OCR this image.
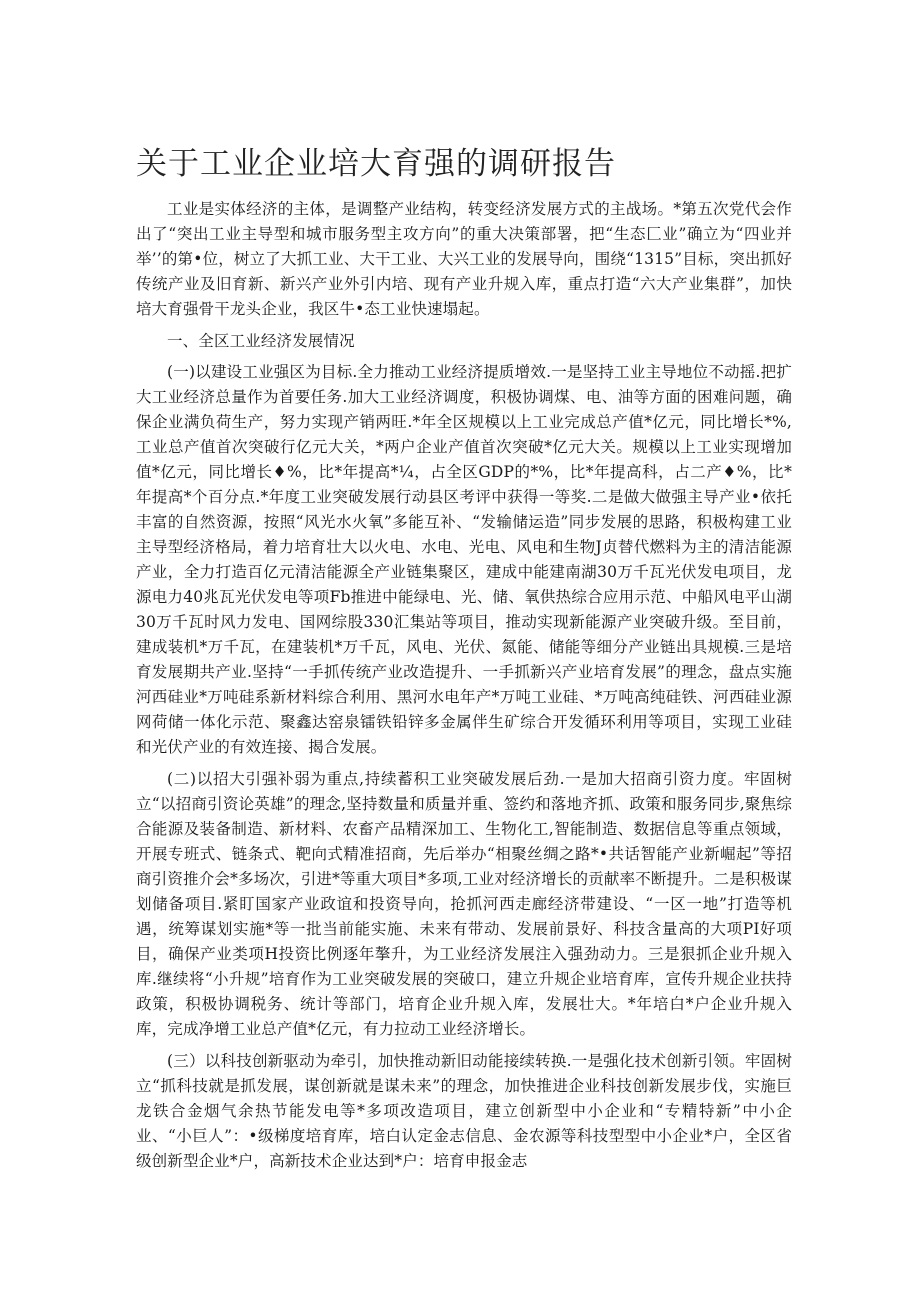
关于工业企业培大育强的调研报告

工业是实体经济的主体，是调整产业结构，转变经济发展方式的主战场。*第五次党代会作出了“突出工业主导型和城市服务型主攻方向”的重大决策部署，把“生态匚业”确立为“四业并举’’的第•位，树立了大抓工业、大干工业、大兴工业的发展导向，围绕“1315”目标，突出抓好传统产业及旧育新、新兴产业外引内培、现有产业升规入库，重点打造“六大产业集群”，加快培大育强骨干龙头企业，我区牛•态工业快速塌起。

一、全区工业经济发展情况

(一)以建设工业强区为目标.全力推动工业经济提质增效.一是坚持工业主导地位不动摇.把扩大工业经济总量作为首要任务.加大工业经济调度，积极协调煤、电、油等方面的困难问题，确保企业满负荷生产，努力实现产销两旺.*年全区规模以上工业完成总产值*亿元，同比增长*%,工业总产值首次突破行亿元大关，*两户企业产值首次突破*亿元大关。规模以上工业实现增加值*亿元，同比增长♦%，比*年提高*¼，占全区GDP的*%，比*年提高科，占二产♦%，比*年提高*个百分点.*年度工业突破发展行动县区考评中获得一等奖.二是做大做强主导产业•依托丰富的自然资源，按照“风光水火氧”多能互补、“发输储运造”同步发展的思路，积极构建工业主导型经济格局，着力培育壮大以火电、水电、光电、风电和生物J贞替代燃料为主的清洁能源产业，全力打造百亿元清洁能源全产业链集聚区，建成中能建南湖30万千瓦光伏发电项目，龙源电力40兆瓦光伏发电等项Fb推进中能绿电、光、储、氧供热综合应用示范、中船风电平山湖30万千瓦时风力发电、国网综股330汇集站等项目，推动实现新能源产业突破升级。至目前，建成装机*万千瓦，在建装机*万千瓦，风电、光伏、氮能、储能等细分产业链出具规模.三是培育发展期共产业.坚持“一手抓传统产业改造提升、一手抓新兴产业培育发展”的理念，盘点实施河西硅业*万吨硅系新材料综合利用、黑河水电年产*万吨工业硅、*万吨高纯硅铁、河西硅业源网荷储一体化示范、聚鑫达窑泉镭铁铅锌多金属伴生矿综合开发循环利用等项目，实现工业硅和光伏产业的有效连接、揭合发展。

(二)以招大引强补弱为重点,持续蓄积工业突破发展后劲.一是加大招商引资力度。牢固树立“以招商引资论英雄”的理念,坚持数量和质量并重、签约和落地齐抓、政策和服务同步,聚焦综合能源及装备制造、新材料、农畜产品精深加工、生物化工,智能制造、数据信息等重点领域，开展专班式、链条式、靶向式精准招商，先后举办“相聚丝绸之路*•共话智能产业新崛起”等招商引资推介会*多场次，引进*等重大项目*多项,工业对经济增长的贡献率不断提升。二是积极谋划储备项目.紧盯国家产业政谊和投资导向，抢抓河西走廊经济带建设、“一区一地”打造等机遇，统筹谋划实施*等一批当前能实施、未来有带动、发展前景好、科技含量高的大项PI好项目，确保产业类项H投资比例逐年摮升，为工业经济发展注入强劲动力。三是狠抓企业升规入库.继续将“小升规”培育作为工业突破发展的突破口，建立升规企业培育库，宣传升规企业扶持政策，积极协调税务、统计等部门，培育企业升规入库，发展壮大。*年培白*户企业升规入库，完成净增工业总产值*亿元，有力拉动工业经济增长。

(三）以科技创新驱动为牵引，加快推动新旧动能接续转换.一是强化技术创新引领。牢固树立“抓科技就是抓发展，谋创新就是谋未来”的理念，加快推进企业科技创新发展步伐，实施巨龙铁合金烟气余热节能发电等*多项改造项目，建立创新型中小企业和“专精特新”中小企业、“小巨人”：•级梯度培育库，培白认定金志信息、金农源等科技型型中小企业*户，全区省级创新型企业*户，高新技术企业达到*户：培育申报金志
